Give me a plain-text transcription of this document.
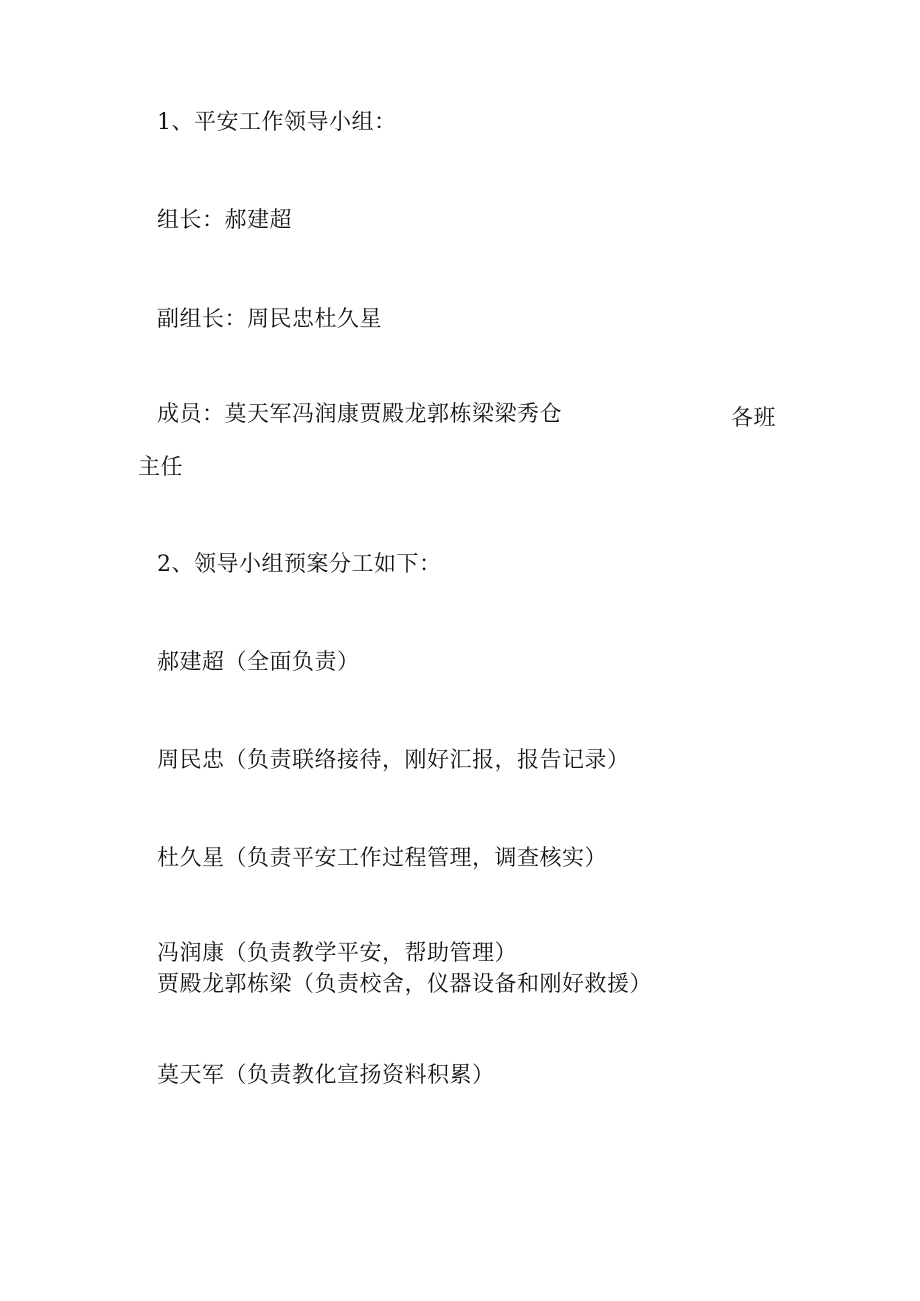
1、平安工作领导小组：
组长：郝建超
副组长：周民忠杜久星
成员：莫天军冯润康贾殿龙郭栋梁梁秀仓	各班
主任
2、领导小组预案分工如下：
郝建超（全面负责）
周民忠（负责联络接待，刚好汇报，报告记录）
杜久星（负责平安工作过程管理，调查核实）
冯润康（负责教学平安，帮助管理）
贾殿龙郭栋梁（负责校舍，仪器设备和刚好救援）
莫天军（负责教化宣扬资料积累）
